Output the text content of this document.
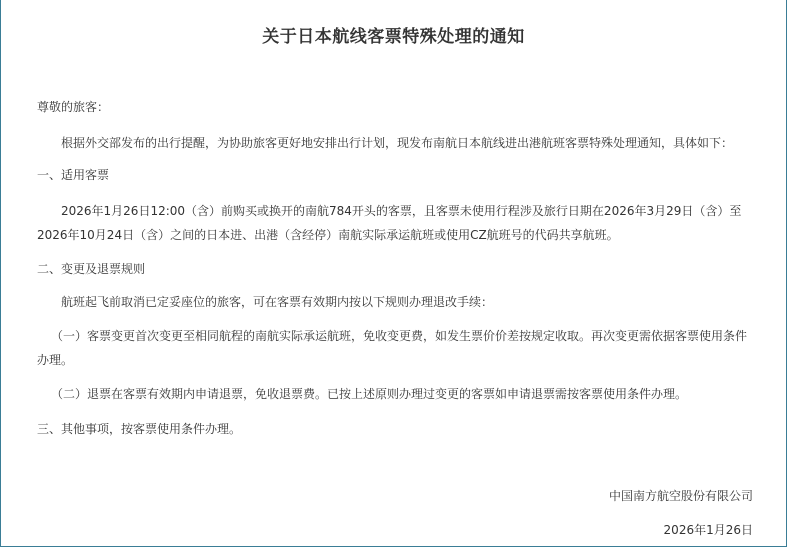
关于日本航线客票特殊处理的通知
尊敬的旅客：
根据外交部发布的出行提醒，为协助旅客更好地安排出行计划，现发布南航日本航线进出港航班客票特殊处理通知，具体如下：
一、适用客票
2026年1月26日12:00（含）前购买或换开的南航784开头的客票，且客票未使用行程涉及旅行日期在2026年3月29日（含）至
2026年10月24日（含）之间的日本进、出港（含经停）南航实际承运航班或使用CZ航班号的代码共享航班。
二、变更及退票规则
航班起飞前取消已定妥座位的旅客，可在客票有效期内按以下规则办理退改手续：
（一）客票变更首次变更至相同航程的南航实际承运航班，免收变更费，如发生票价价差按规定收取。再次变更需依据客票使用条件
办理。
（二）退票在客票有效期内申请退票，免收退票费。已按上述原则办理过变更的客票如申请退票需按客票使用条件办理。
三、其他事项，按客票使用条件办理。
中国南方航空股份有限公司
2026年1月26日
